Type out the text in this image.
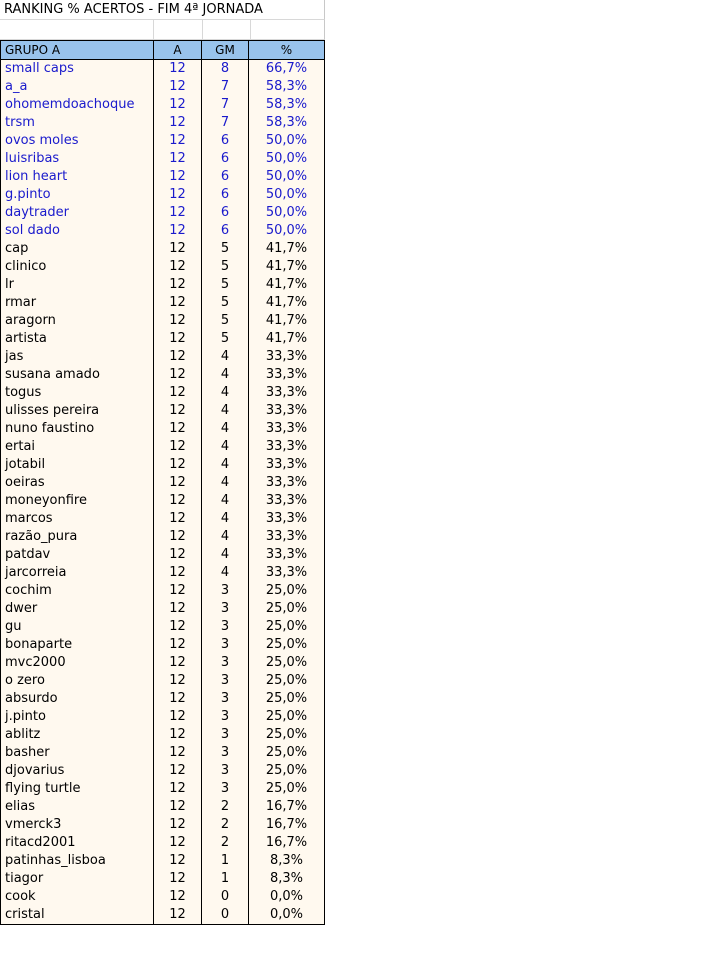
RANKING % ACERTOS - FIM 4ª JORNADA
GRUPO A	A	GM	%
small caps	12	8	66,7%
a_a	12	7	58,3%
ohomemdoachoque	12	7	58,3%
trsm	12	7	58,3%
ovos moles	12	6	50,0%
luisribas	12	6	50,0%
lion heart	12	6	50,0%
g.pinto	12	6	50,0%
daytrader	12	6	50,0%
sol dado	12	6	50,0%
cap	12	5	41,7%
clinico	12	5	41,7%
lr	12	5	41,7%
rmar	12	5	41,7%
aragorn	12	5	41,7%
artista	12	5	41,7%
jas	12	4	33,3%
susana amado	12	4	33,3%
togus	12	4	33,3%
ulisses pereira	12	4	33,3%
nuno faustino	12	4	33,3%
ertai	12	4	33,3%
jotabil	12	4	33,3%
oeiras	12	4	33,3%
moneyonfire	12	4	33,3%
marcos	12	4	33,3%
razão_pura	12	4	33,3%
patdav	12	4	33,3%
jarcorreia	12	4	33,3%
cochim	12	3	25,0%
dwer	12	3	25,0%
gu	12	3	25,0%
bonaparte	12	3	25,0%
mvc2000	12	3	25,0%
o zero	12	3	25,0%
absurdo	12	3	25,0%
j.pinto	12	3	25,0%
ablitz	12	3	25,0%
basher	12	3	25,0%
djovarius	12	3	25,0%
flying turtle	12	3	25,0%
elias	12	2	16,7%
vmerck3	12	2	16,7%
ritacd2001	12	2	16,7%
patinhas_lisboa	12	1	8,3%
tiagor	12	1	8,3%
cook	12	0	0,0%
cristal	12	0	0,0%
